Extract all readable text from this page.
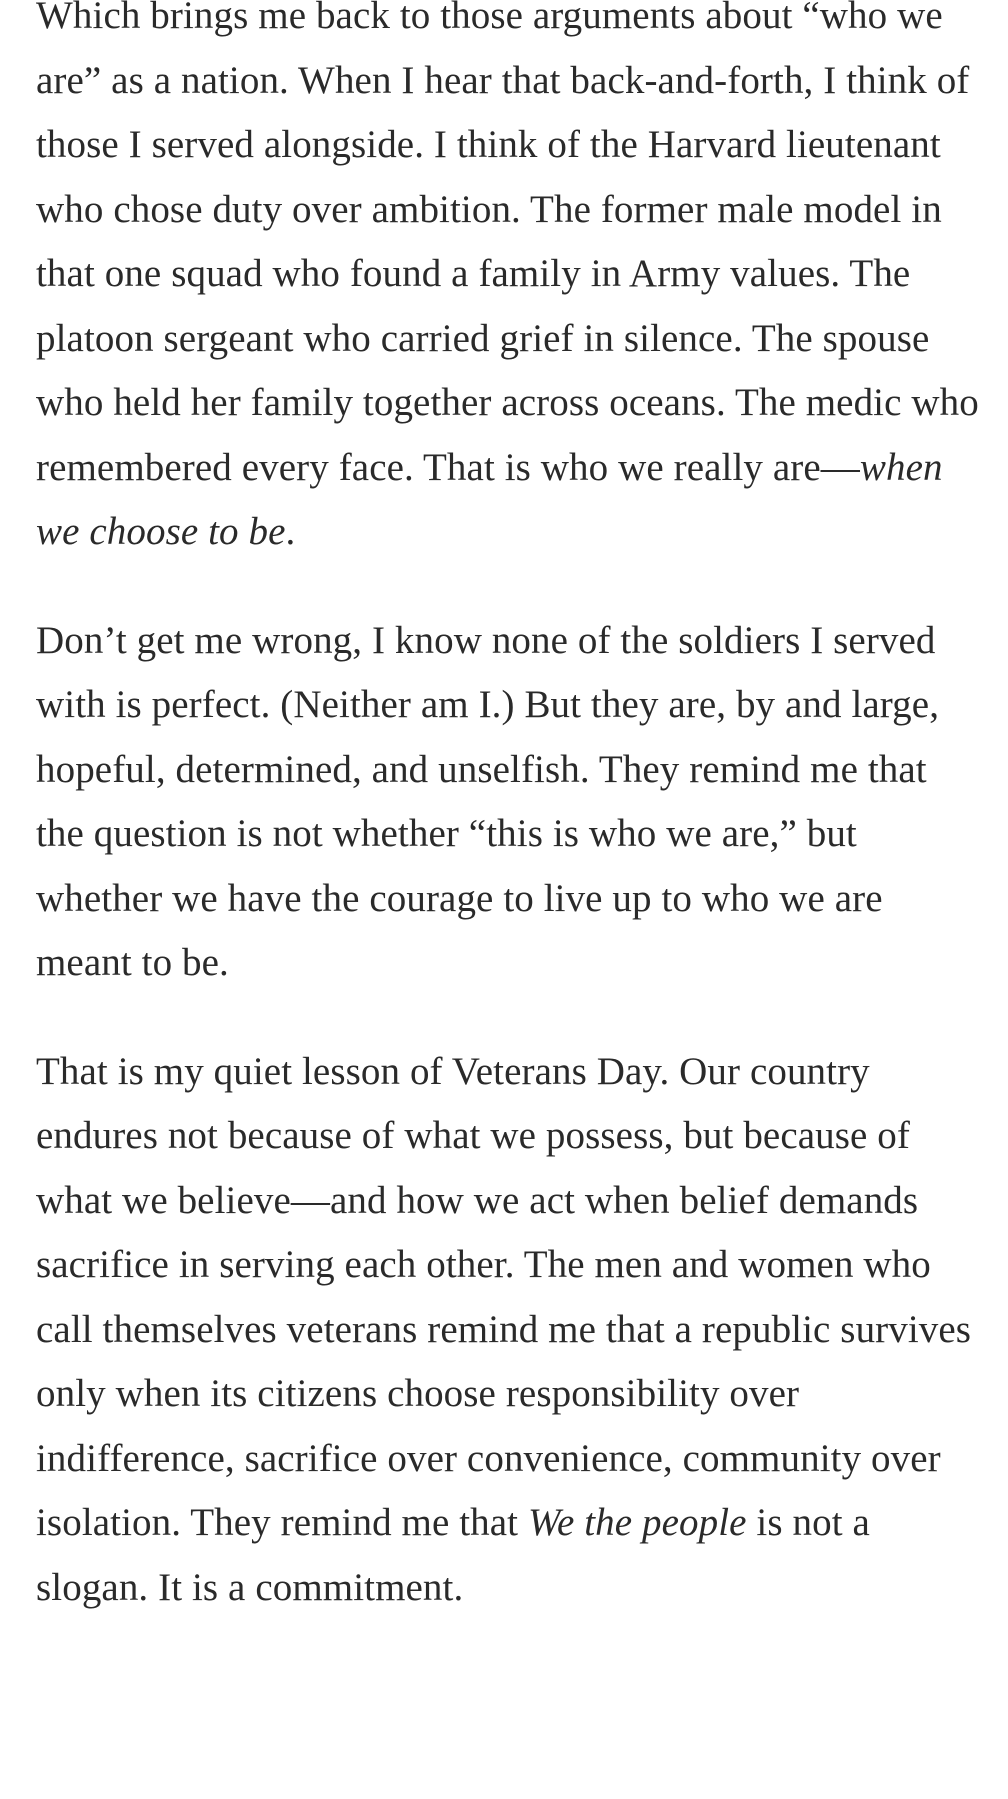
Which brings me back to those arguments about “who we are” as a nation. When I hear that back-and-forth, I think of those I served alongside. I think of the Harvard lieutenant who chose duty over ambition. The former male model in that one squad who found a family in Army values. The platoon sergeant who carried grief in silence. The spouse who held her family together across oceans. The medic who remembered every face. That is who we really are—when we choose to be.

Don’t get me wrong, I know none of the soldiers I served with is perfect. (Neither am I.) But they are, by and large, hopeful, determined, and unselfish. They remind me that the question is not whether “this is who we are,” but whether we have the courage to live up to who we are meant to be.

That is my quiet lesson of Veterans Day. Our country endures not because of what we possess, but because of what we believe—and how we act when belief demands sacrifice in serving each other. The men and women who call themselves veterans remind me that a republic survives only when its citizens choose responsibility over indifference, sacrifice over convenience, community over isolation. They remind me that We the people is not a slogan. It is a commitment.
